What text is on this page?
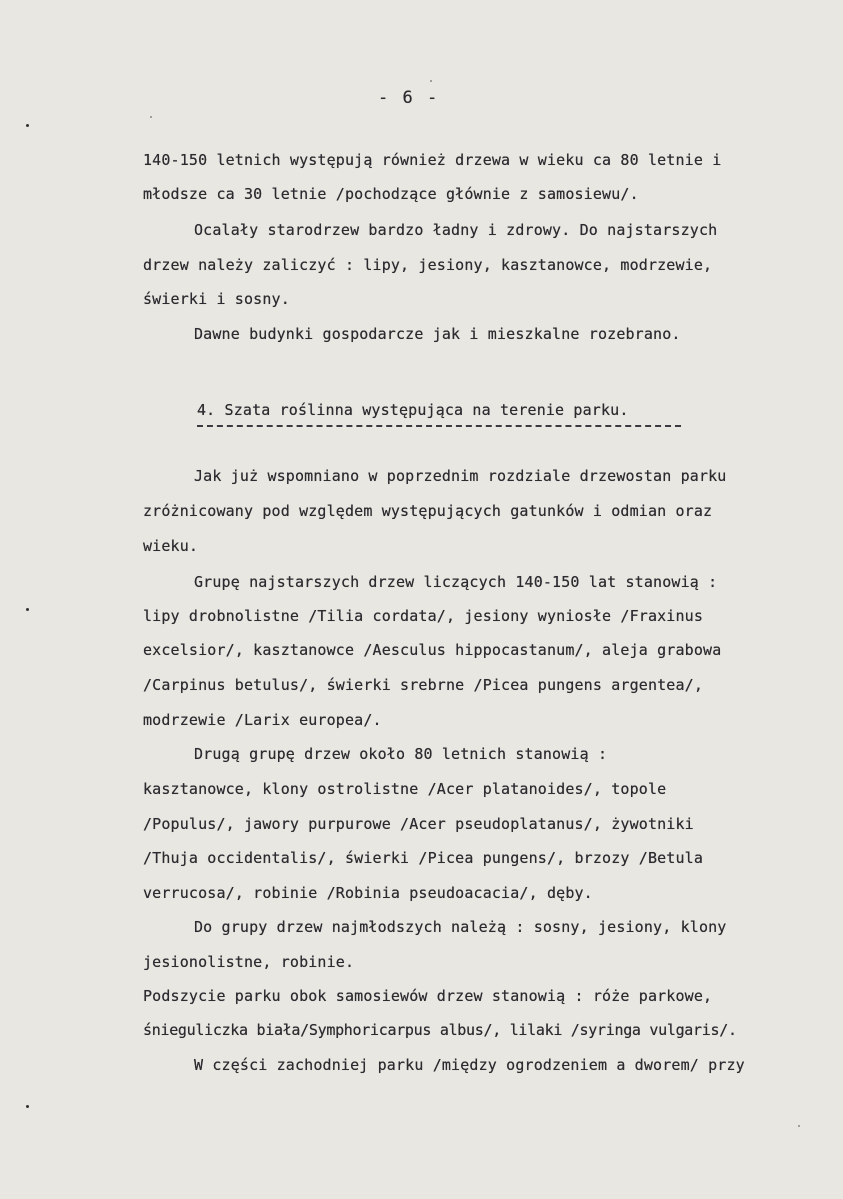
- 6 -
140-150 letnich występują również drzewa w wieku ca 80 letnie i
młodsze ca 30 letnie /pochodzące głównie z samosiewu/.
Ocalały starodrzew bardzo ładny i zdrowy. Do najstarszych
drzew należy zaliczyć : lipy, jesiony, kasztanowce, modrzewie,
świerki i sosny.
Dawne budynki gospodarcze jak i mieszkalne rozebrano.
4. Szata roślinna występująca na terenie parku.
Jak już wspomniano w poprzednim rozdziale drzewostan parku
zróżnicowany pod względem występujących gatunków i odmian oraz
wieku.
Grupę najstarszych drzew liczących 140-150 lat stanowią :
lipy drobnolistne /Tilia cordata/, jesiony wyniosłe /Fraxinus
excelsior/, kasztanowce /Aesculus hippocastanum/, aleja grabowa
/Carpinus betulus/, świerki srebrne /Picea pungens argentea/,
modrzewie /Larix europea/.
Drugą grupę drzew około 80 letnich stanowią :
kasztanowce, klony ostrolistne /Acer platanoides/, topole
/Populus/, jawory purpurowe /Acer pseudoplatanus/, żywotniki
/Thuja occidentalis/, świerki /Picea pungens/, brzozy /Betula
verrucosa/, robinie /Robinia pseudoacacia/, dęby.
Do grupy drzew najmłodszych należą : sosny, jesiony, klony
jesionolistne, robinie.
Podszycie parku obok samosiewów drzew stanowią : róże parkowe,
śnieguliczka biała/Symphoricarpus albus/, lilaki /syringa vulgaris/.
W części zachodniej parku /między ogrodzeniem a dworem/ przy
